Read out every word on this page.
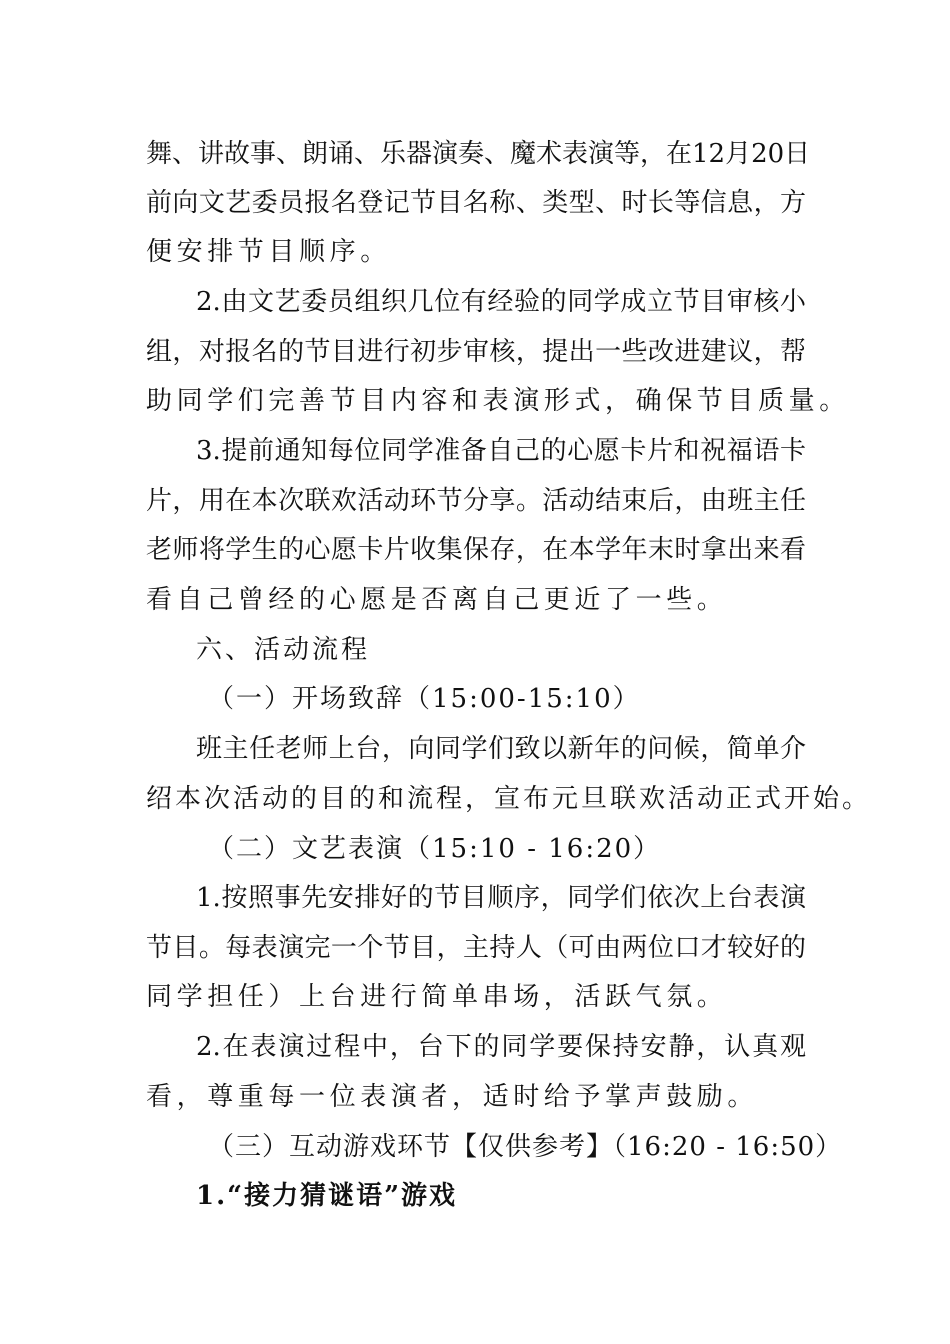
舞、讲故事、朗诵、乐器演奏、魔术表演等，在12月20日
前向文艺委员报名登记节目名称、类型、时长等信息，方
便安排节目顺序。
2.由文艺委员组织几位有经验的同学成立节目审核小
组，对报名的节目进行初步审核，提出一些改进建议，帮
助同学们完善节目内容和表演形式，确保节目质量。
3.提前通知每位同学准备自己的心愿卡片和祝福语卡
片，用在本次联欢活动环节分享。活动结束后，由班主任
老师将学生的心愿卡片收集保存，在本学年末时拿出来看
看自己曾经的心愿是否离自己更近了一些。
六、活动流程
（一）开场致辞（15:00-15:10）
班主任老师上台，向同学们致以新年的问候，简单介
绍本次活动的目的和流程，宣布元旦联欢活动正式开始。
（二）文艺表演（15:10 - 16:20）
1.按照事先安排好的节目顺序，同学们依次上台表演
节目。每表演完一个节目，主持人（可由两位口才较好的
同学担任）上台进行简单串场，活跃气氛。
2.在表演过程中，台下的同学要保持安静，认真观
看，尊重每一位表演者，适时给予掌声鼓励。
（三）互动游戏环节【仅供参考】（16:20 - 16:50）
1.“接力猜谜语”游戏
